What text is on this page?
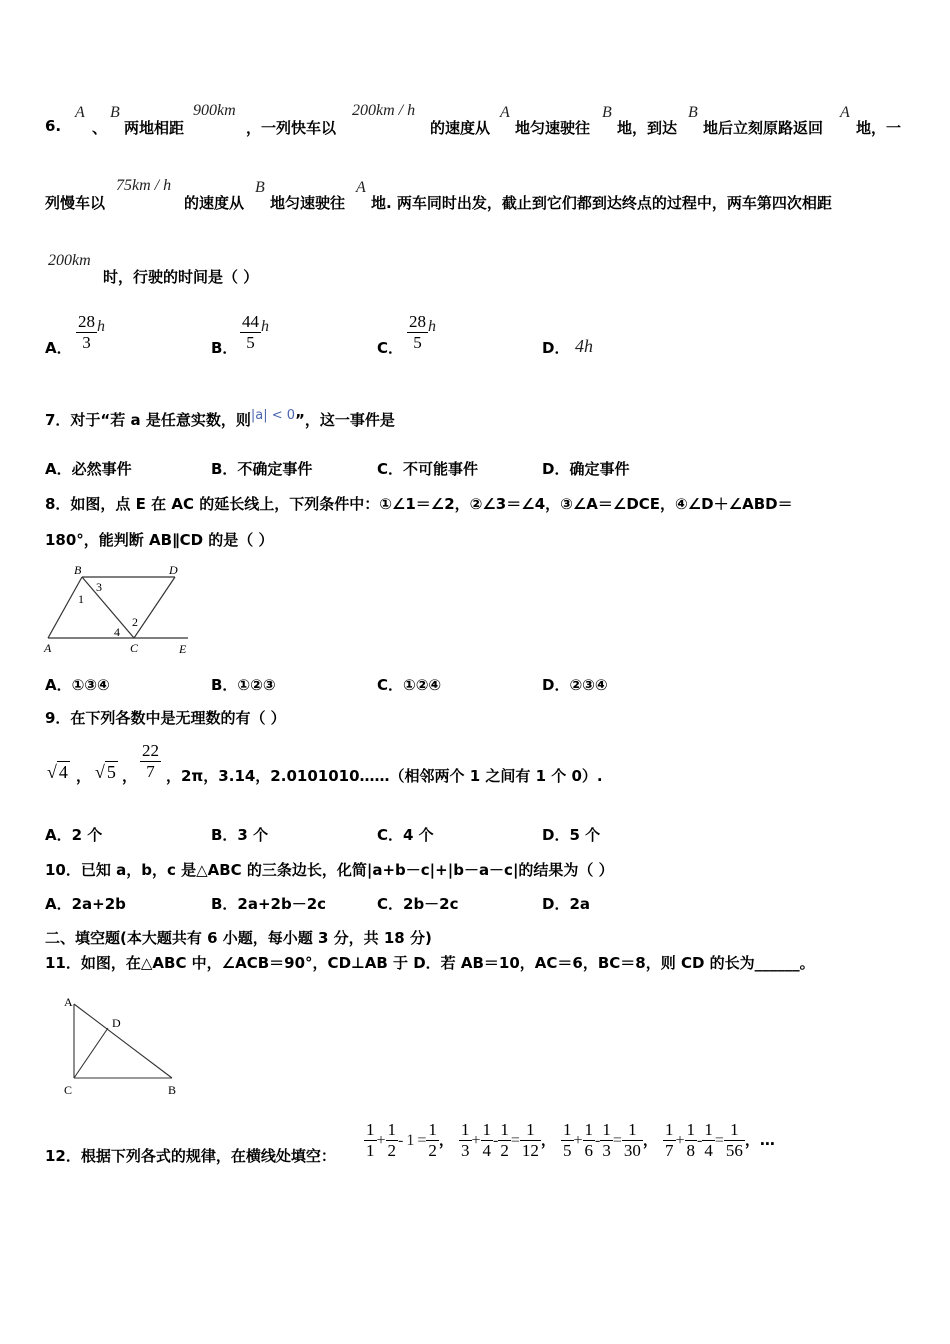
6.
A
、
B
两地相距
900km
，一列快车以
200km / h
的速度从
A
地匀速驶往
B
地，到达
B
地后立刻原路返回
A
地，一
列慢车以
75km / h
的速度从
B
地匀速驶往
A
地. 两车同时出发，截止到它们都到达终点的过程中，两车第四次相距
200km
时，行驶的时间是（ ）
A． $\frac{28}{3}$ h
B． $\frac{44}{5}$ h
C． $\frac{28}{5}$ h
D． 4h
7．对于“若 a 是任意实数，则|a| < 0”，这一事件是
A．必然事件	B．不确定事件	C．不可能事件	D．确定事件
8．如图，点 E 在 AC 的延长线上，下列条件中：①∠1＝∠2，②∠3＝∠4，③∠A＝∠DCE，④∠D＋∠ABD＝
180°，能判断 AB∥CD 的是（ ）
B	D
A	C	E
1
3
2
4
A．①③④	B．①②③	C．①②④	D．②③④
9．在下列各数中是无理数的有（ ）
√ 4 ， √ 5 ， $\frac{22}{7}$ ，2π，3.14，2.0101010……（相邻两个 1 之间有 1 个 0）.
A．2 个	B．3 个	C．4 个	D．5 个
10．已知 a，b，c 是△ABC 的三条边长，化简|a+b－c|+|b－a－c|的结果为（ ）
A．2a+2b	B．2a+2b－2c	C．2b－2c	D．2a
二、填空题(本大题共有 6 小题，每小题 3 分，共 18 分)
11．如图，在△ABC 中，∠ACB＝90°，CD⊥AB 于 D．若 AB＝10，AC＝6，BC＝8，则 CD 的长为______。
A
D
C	B
12．根据下列各式的规律，在横线处填空： $\frac{1}{1} + \frac{1}{2} - 1 = \frac{1}{2}$ ， $\frac{1}{3} + \frac{1}{4} - \frac{1}{2} = \frac{1}{12}$ ， $\frac{1}{5} + \frac{1}{6} - \frac{1}{3} = \frac{1}{30}$ ， $\frac{1}{7} + \frac{1}{8} - \frac{1}{4} = \frac{1}{56}$ ，…
